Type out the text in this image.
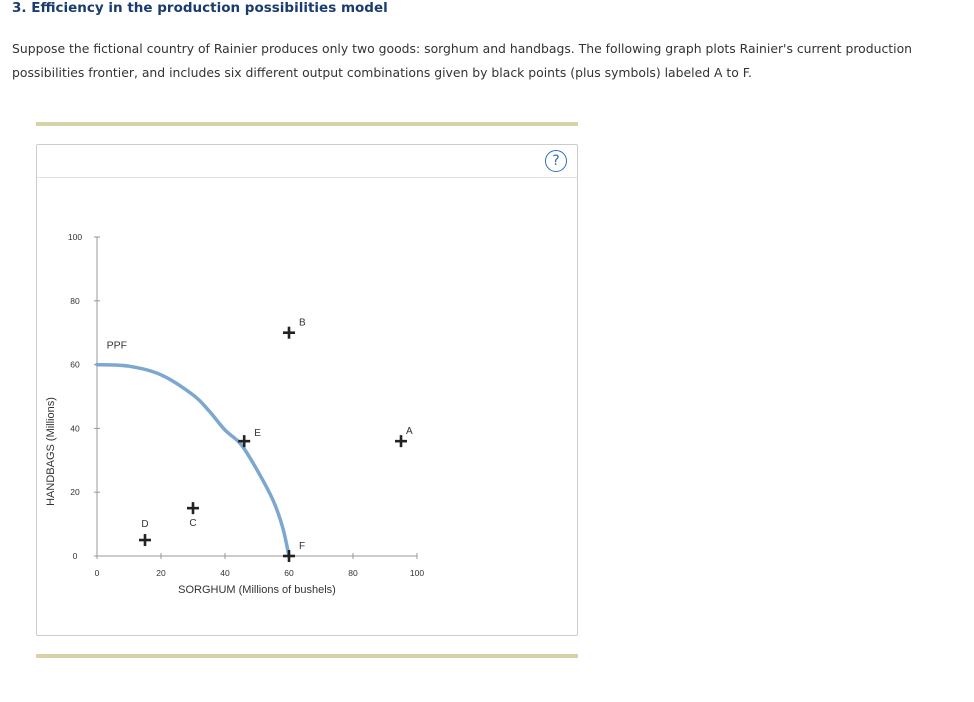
3. Efficiency in the production possibilities model
Suppose the fictional country of Rainier produces only two goods: sorghum and handbags. The following graph plots Rainier's current production possibilities frontier, and includes six different output combinations given by black points (plus symbols) labeled A to F.
?
0	20	40	60	80	100
0
20
40
60
80
100
PPF
A
B
C
D
E
F
SORGHUM (Millions of bushels)
HANDBAGS (Millions)
